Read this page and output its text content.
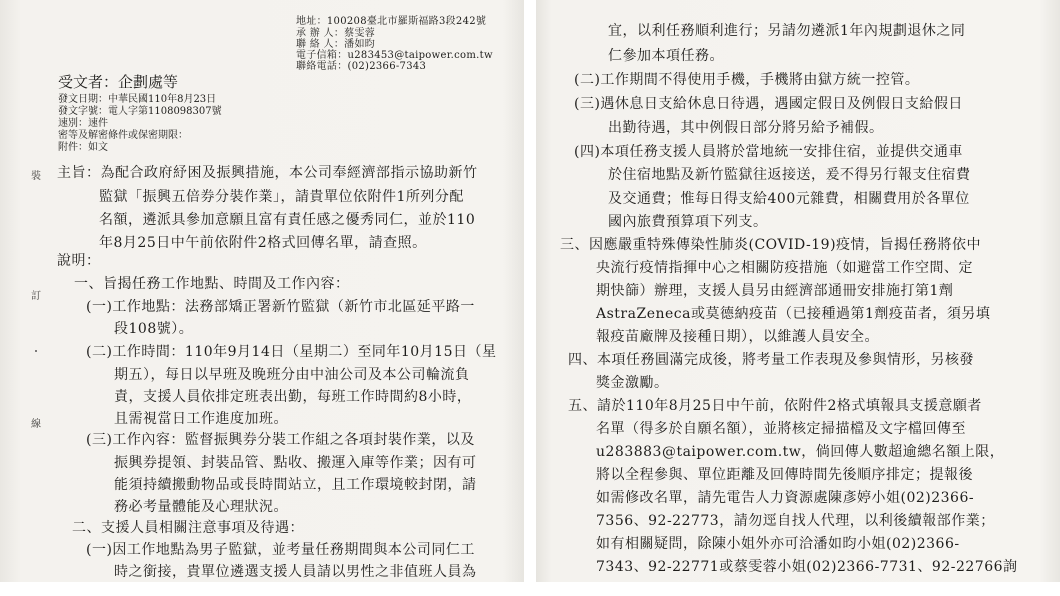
地址：100208臺北市羅斯福路3段242號
承 辦 人：蔡雯蓉
聯 絡 人：潘如昀
電子信箱：u283453@taipower.com.tw
聯絡電話：(02)2366-7343
受文者：企劃處等
發文日期：中華民國110年8月23日
發文字號：電人字第1108098307號
速別：速件
密等及解密條件或保密期限：
附件：如文
裝
訂
線
主旨：為配合政府紓困及振興措施，本公司奉經濟部指示協助新竹
監獄「振興五倍券分裝作業」，請貴單位依附件1所列分配
名額，遴派具參加意願且富有責任感之優秀同仁，並於110
年8月25日中午前依附件2格式回傳名單，請查照。
說明：
一、旨揭任務工作地點、時間及工作內容：
(一)工作地點：法務部矯正署新竹監獄（新竹市北區延平路一
段108號）。
(二)工作時間：110年9月14日（星期二）至同年10月15日（星
期五），每日以早班及晚班分由中油公司及本公司輪流負
責，支援人員依排定班表出勤，每班工作時間約8小時，
且需視當日工作進度加班。
(三)工作內容：監督振興券分裝工作組之各項封裝作業，以及
振興券提領、封裝品管、點收、搬運入庫等作業；因有可
能須持續搬動物品或長時間站立，且工作環境較封閉，請
務必考量體能及心理狀況。
二、支援人員相關注意事項及待遇：
(一)因工作地點為男子監獄，並考量任務期間與本公司同仁工
時之銜接，貴單位遴選支援人員請以男性之非值班人員為
宜，以利任務順利進行；另請勿遴派1年內規劃退休之同
仁參加本項任務。
(二)工作期間不得使用手機，手機將由獄方統一控管。
(三)遇休息日支給休息日待遇，遇國定假日及例假日支給假日
出勤待遇，其中例假日部分將另給予補假。
(四)本項任務支援人員將於當地統一安排住宿，並提供交通車
於住宿地點及新竹監獄往返接送，爰不得另行報支住宿費
及交通費；惟每日得支給400元雜費，相關費用於各單位
國內旅費預算項下列支。
三、因應嚴重特殊傳染性肺炎(COVID-19)疫情，旨揭任務將依中
央流行疫情指揮中心之相關防疫措施（如避當工作空間、定
期快篩）辦理，支援人員另由經濟部通冊安排施打第1劑
AstraZeneca或莫德納疫苗（已接種過第1劑疫苗者，須另填
報疫苗廠牌及接種日期），以維護人員安全。
四、本項任務圓滿完成後，將考量工作表現及參與情形，另核發
獎金激勵。
五、請於110年8月25日中午前，依附件2格式填報具支援意願者
名單（得多於自願名額），並將核定掃描檔及文字檔回傳至
u283883@taipower.com.tw，倘回傳人數超逾總名額上限，
將以全程參與、單位距離及回傳時間先後順序排定；提報後
如需修改名單，請先電告人力資源處陳彥婷小姐(02)2366-
7356、92-22773，請勿逕自找人代理，以利後續報部作業；
如有相關疑問，除陳小姐外亦可洽潘如昀小姐(02)2366-
7343、92-22771或蔡雯蓉小姐(02)2366-7731、92-22766詢
